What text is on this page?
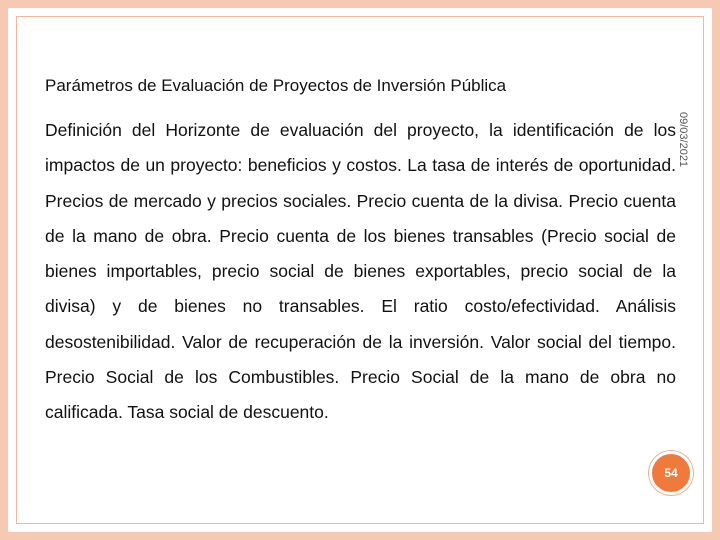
Parámetros de Evaluación de Proyectos de Inversión Pública

Definición del Horizonte de evaluación del proyecto, la identificación de los impactos de un proyecto: beneficios y costos. La tasa de interés de oportunidad. Precios de mercado y precios sociales. Precio cuenta de la divisa. Precio cuenta de la mano de obra. Precio cuenta de los bienes transables (Precio social de bienes importables, precio social de bienes exportables, precio social de la divisa) y de bienes no transables. El ratio costo/efectividad. Análisis desostenibilidad. Valor de recuperación de la inversión. Valor social del tiempo. Precio Social de los Combustibles. Precio Social de la mano de obra no calificada. Tasa social de descuento.

09/03/2021
54
